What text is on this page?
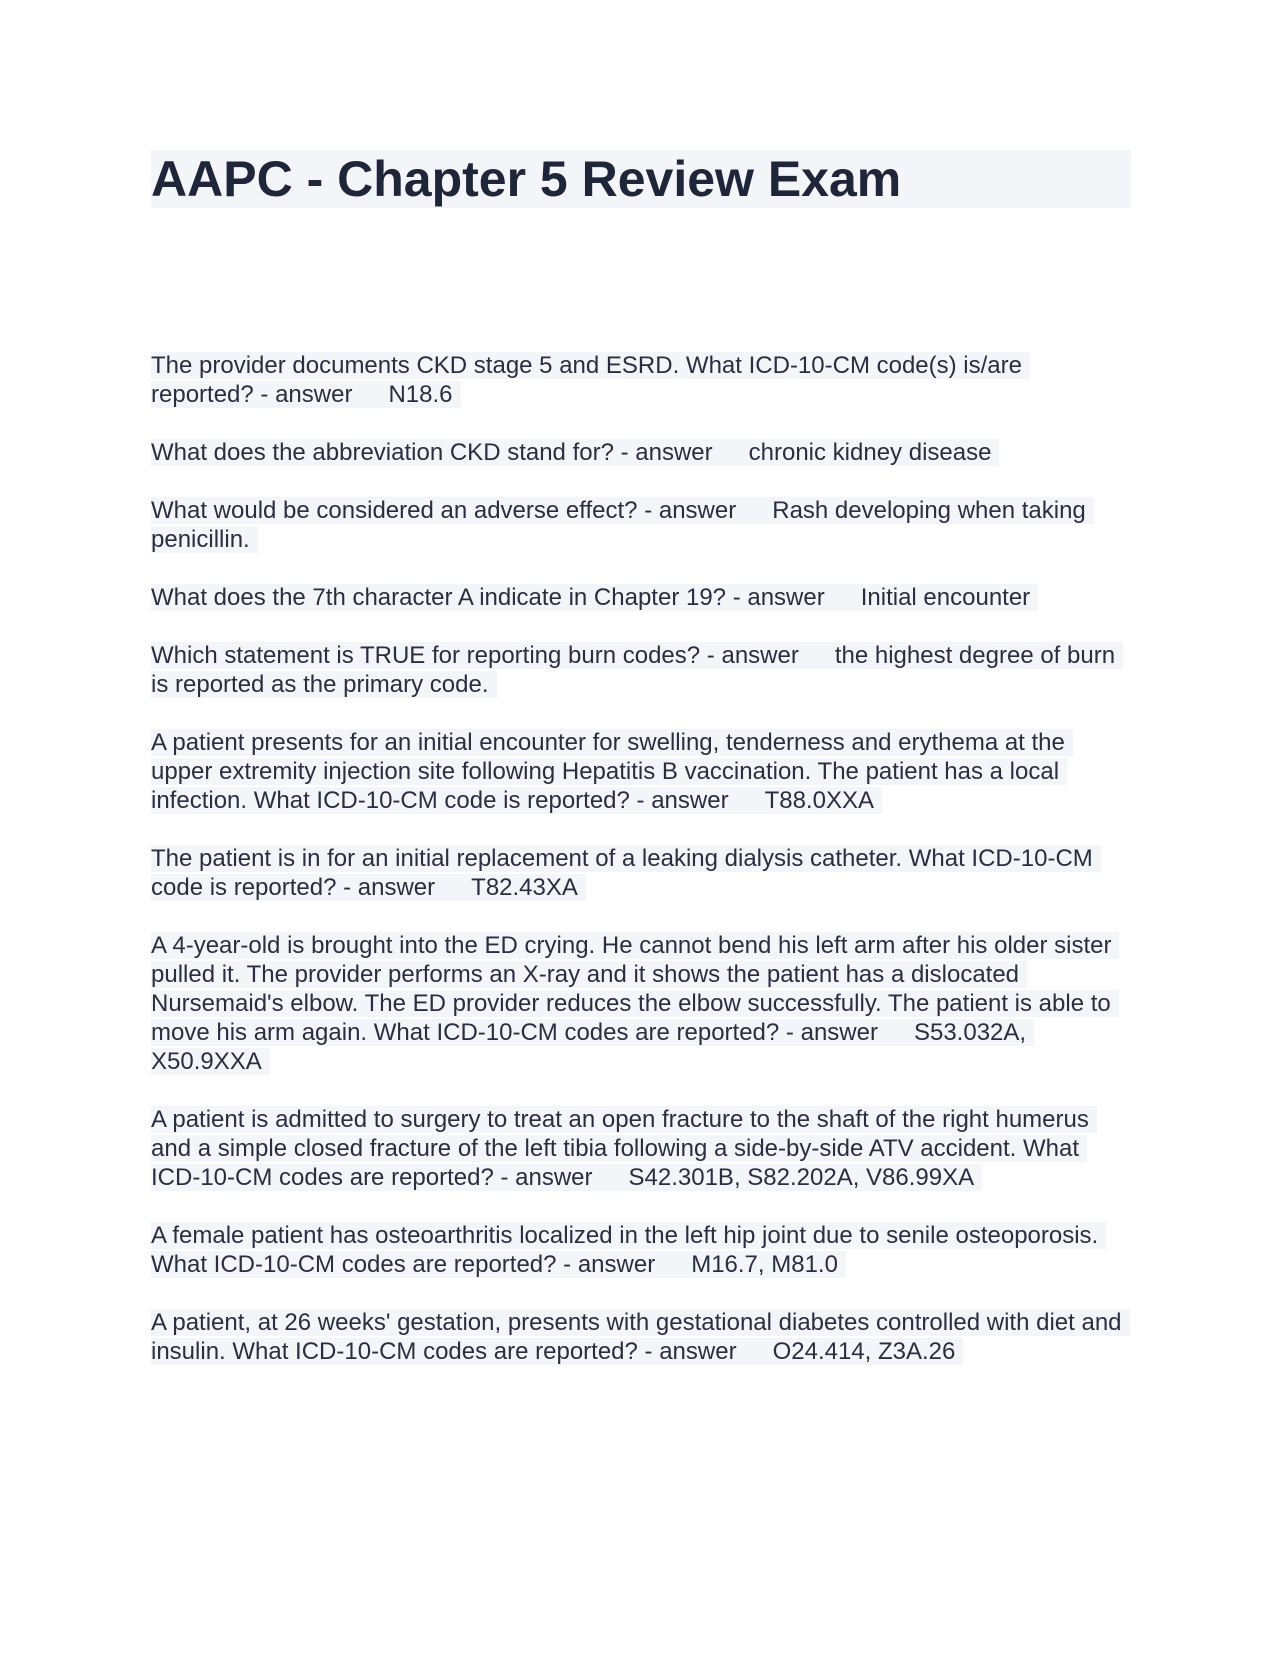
AAPC - Chapter 5 Review Exam

The provider documents CKD stage 5 and ESRD. What ICD-10-CM code(s) is/are reported? - answer N18.6

What does the abbreviation CKD stand for? - answer chronic kidney disease

What would be considered an adverse effect? - answer Rash developing when taking penicillin.

What does the 7th character A indicate in Chapter 19? - answer Initial encounter

Which statement is TRUE for reporting burn codes? - answer the highest degree of burn is reported as the primary code.

A patient presents for an initial encounter for swelling, tenderness and erythema at the upper extremity injection site following Hepatitis B vaccination. The patient has a local infection. What ICD-10-CM code is reported? - answer T88.0XXA

The patient is in for an initial replacement of a leaking dialysis catheter. What ICD-10-CM code is reported? - answer T82.43XA

A 4-year-old is brought into the ED crying. He cannot bend his left arm after his older sister pulled it. The provider performs an X-ray and it shows the patient has a dislocated Nursemaid's elbow. The ED provider reduces the elbow successfully. The patient is able to move his arm again. What ICD-10-CM codes are reported? - answer S53.032A, X50.9XXA

A patient is admitted to surgery to treat an open fracture to the shaft of the right humerus and a simple closed fracture of the left tibia following a side-by-side ATV accident. What ICD-10-CM codes are reported? - answer S42.301B, S82.202A, V86.99XA

A female patient has osteoarthritis localized in the left hip joint due to senile osteoporosis. What ICD-10-CM codes are reported? - answer M16.7, M81.0

A patient, at 26 weeks' gestation, presents with gestational diabetes controlled with diet and insulin. What ICD-10-CM codes are reported? - answer O24.414, Z3A.26
